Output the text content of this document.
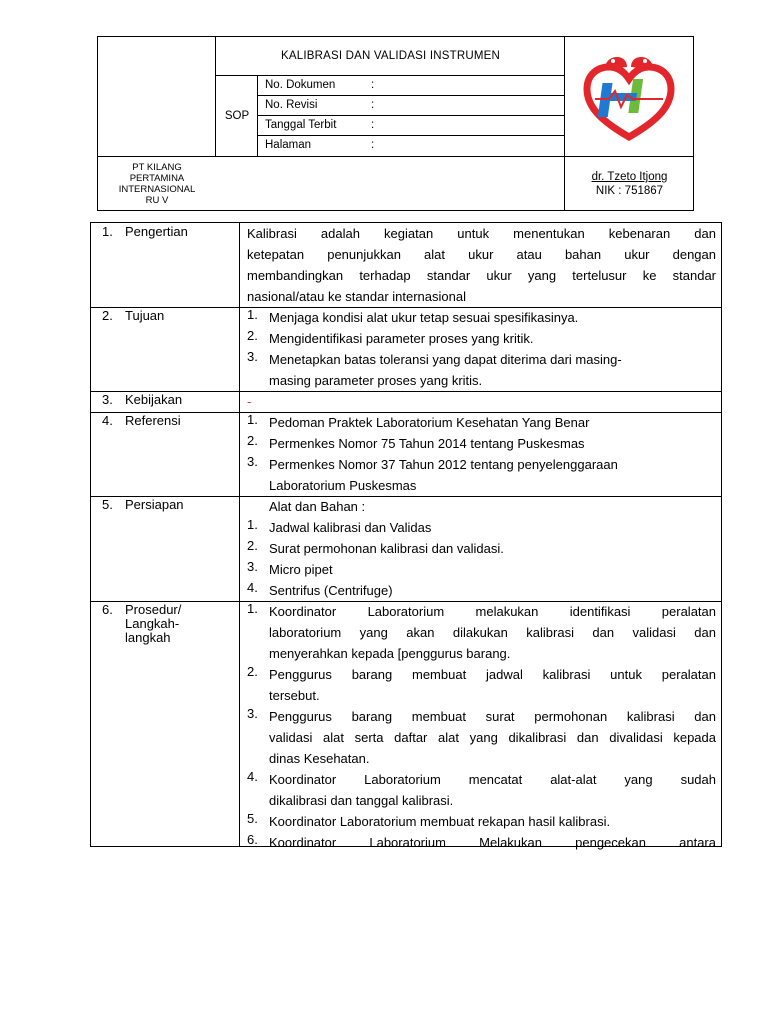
KALIBRASI DAN VALIDASI INSTRUMEN
SOP
No. Dokumen	:
No. Revisi	:
Tanggal Terbit	:
Halaman	:
PT KILANG
PERTAMINA
INTERNASIONAL
RU V
dr. Tzeto Itjong
NIK : 751867
1. Pengertian	Kalibrasi adalah kegiatan untuk menentukan kebenaran dan
ketepatan penunjukkan alat ukur atau bahan ukur dengan
membandingkan terhadap standar ukur yang tertelusur ke standar
nasional/atau ke standar internasional
2. Tujuan	1. Menjaga kondisi alat ukur tetap sesuai spesifikasinya.
2. Mengidentifikasi parameter proses yang kritik.
3. Menetapkan batas toleransi yang dapat diterima dari masing-
masing parameter proses yang kritis.
3. Kebijakan	-
4. Referensi	1. Pedoman Praktek Laboratorium Kesehatan Yang Benar
2. Permenkes Nomor 75 Tahun 2014 tentang Puskesmas
3. Permenkes Nomor 37 Tahun 2012 tentang penyelenggaraan
Laboratorium Puskesmas
5. Persiapan	Alat dan Bahan :
1. Jadwal kalibrasi dan Validas
2. Surat permohonan kalibrasi dan validasi.
3. Micro pipet
4. Sentrifus (Centrifuge)
6. Prosedur/
Langkah-
langkah
1. Koordinator Laboratorium melakukan identifikasi peralatan
laboratorium yang akan dilakukan kalibrasi dan validasi dan
menyerahkan kepada [penggurus barang.
2. Penggurus barang membuat jadwal kalibrasi untuk peralatan
tersebut.
3. Penggurus barang membuat surat permohonan kalibrasi dan
validasi alat serta daftar alat yang dikalibrasi dan divalidasi kepada
dinas Kesehatan.
4. Koordinator Laboratorium mencatat alat-alat yang sudah
dikalibrasi dan tanggal kalibrasi.
5. Koordinator Laboratorium membuat rekapan hasil kalibrasi.
6. Koordinator Laboratorium Melakukan pengecekan antara
